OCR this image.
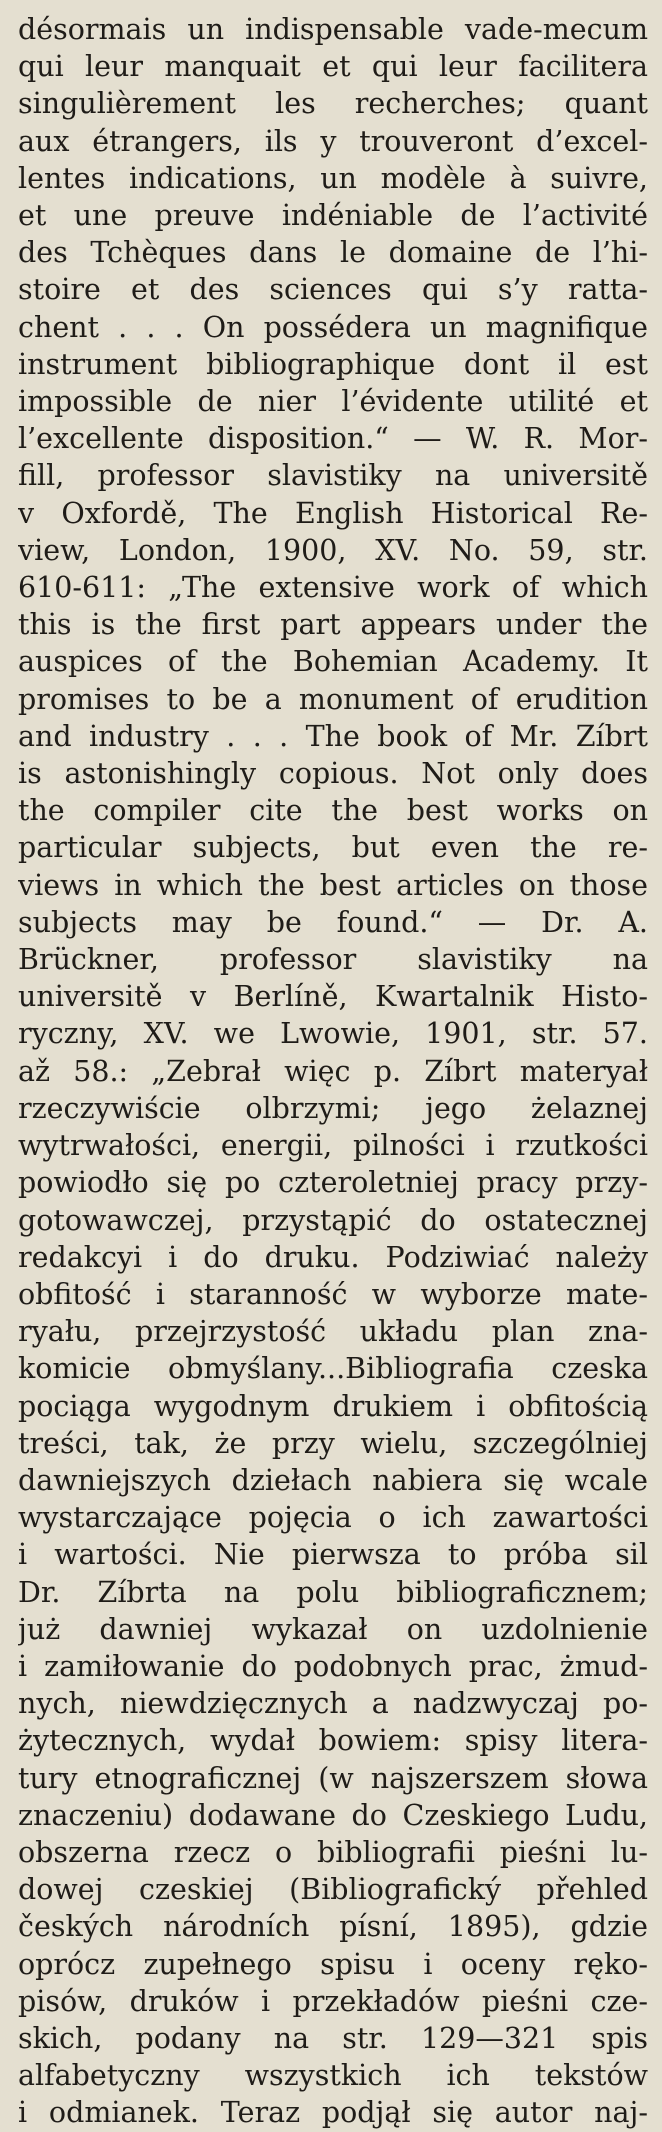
désormais un indispensable vade-mecum
qui leur manquait et qui leur facilitera
singulièrement les recherches; quant
aux étrangers, ils y trouveront d’excel-
lentes indications, un modèle à suivre,
et une preuve indéniable de l’activité
des Tchèques dans le domaine de l’hi-
stoire et des sciences qui s’y ratta-
chent . . . On possédera un magnifique
instrument bibliographique dont il est
impossible de nier l’évidente utilité et
l’excellente disposition.“ — W. R. Mor-
fill, professor slavistiky na universitě
v Oxfordě, The English Historical Re-
view, London, 1900, XV. No. 59, str.
610-611: „The extensive work of which
this is the first part appears under the
auspices of the Bohemian Academy. It
promises to be a monument of erudition
and industry . . . The book of Mr. Zíbrt
is astonishingly copious. Not only does
the compiler cite the best works on
particular subjects, but even the re-
views in which the best articles on those
subjects may be found.“ — Dr. A.
Brückner, professor slavistiky na
universitě v Berlíně, Kwartalnik Histo-
ryczny, XV. we Lwowie, 1901, str. 57.
až 58.: „Zebrał więc p. Zíbrt materyał
rzeczywiście olbrzymi; jego żelaznej
wytrwałości, energii, pilności i rzutkości
powiodło się po czteroletniej pracy przy-
gotowawczej, przystąpić do ostatecznej
redakcyi i do druku. Podziwiać należy
obfitość i staranność w wyborze mate-
ryału, przejrzystość układu plan zna-
komicie obmyślany...Bibliografia czeska
pociąga wygodnym drukiem i obfitością
treści, tak, że przy wielu, szczególniej
dawniejszych dziełach nabiera się wcale
wystarczające pojęcia o ich zawartości
i wartości. Nie pierwsza to próba sil
Dr. Zíbrta na polu bibliograficznem;
już dawniej wykazał on uzdolnienie
i zamiłowanie do podobnych prac, żmud-
nych, niewdzięcznych a nadzwyczaj po-
żytecznych, wydał bowiem: spisy litera-
tury etnograficznej (w najszerszem słowa
znaczeniu) dodawane do Czeskiego Ludu,
obszerna rzecz o bibliografii pieśni lu-
dowej czeskiej (Bibliografický přehled
českých národních písní, 1895), gdzie
oprócz zupełnego spisu i oceny ręko-
pisów, druków i przekładów pieśni cze-
skich, podany na str. 129—321 spis
alfabetyczny wszystkich ich tekstów
i odmianek. Teraz podjął się autor naj-
